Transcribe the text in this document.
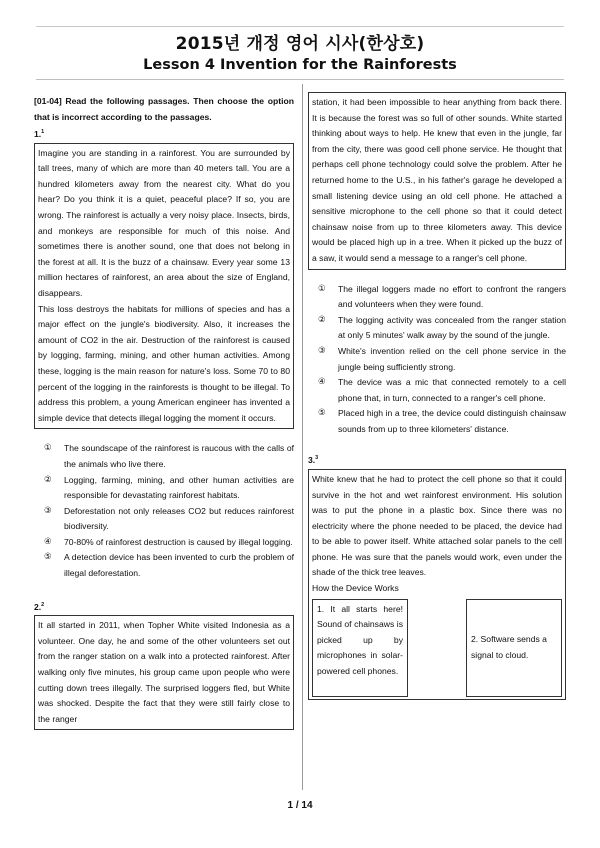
2015년 개정 영어 시사(한상호)
Lesson 4 Invention for the Rainforests
[01-04] Read the following passages. Then choose the option that is incorrect according to the passages.
1.$^1$

Imagine you are standing in a rainforest. You are surrounded by tall trees, many of which are more than 40 meters tall. You are a hundred kilometers away from the nearest city. What do you hear? Do you think it is a quiet, peaceful place? If so, you are wrong. The rainforest is actually a very noisy place. Insects, birds, and monkeys are responsible for much of this noise. And sometimes there is another sound, one that does not belong in the forest at all. It is the buzz of a chainsaw. Every year some 13 million hectares of rainforest, an area about the size of England, disappears.

This loss destroys the habitats for millions of species and has a major effect on the jungle's biodiversity. Also, it increases the amount of CO2 in the air. Destruction of the rainforest is caused by logging, farming, mining, and other human activities. Among these, logging is the main reason for nature's loss. Some 70 to 80 percent of the logging in the rainforests is thought to be illegal. To address this problem, a young American engineer has invented a simple device that detects illegal logging the moment it occurs.

①	The soundscape of the rainforest is raucous with the calls of the animals who live there.
②	Logging, farming, mining, and other human activities are responsible for devastating rainforest habitats.
③	Deforestation not only releases CO2 but reduces rainforest biodiversity.
④	70-80% of rainforest destruction is caused by illegal logging.
⑤	A detection device has been invented to curb the problem of illegal deforestation.
2.$^2$

It all started in 2011, when Topher White visited Indonesia as a volunteer. One day, he and some of the other volunteers set out from the ranger station on a walk into a protected rainforest. After walking only five minutes, his group came upon people who were cutting down trees illegally. The surprised loggers fled, but White was shocked. Despite the fact that they were still fairly close to the ranger

station, it had been impossible to hear anything from back there. It is because the forest was so full of other sounds. White started thinking about ways to help. He knew that even in the jungle, far from the city, there was good cell phone service. He thought that perhaps cell phone technology could solve the problem. After he returned home to the U.S., in his father's garage he developed a small listening device using an old cell phone. He attached a sensitive microphone to the cell phone so that it could detect chainsaw noise from up to three kilometers away. This device would be placed high up in a tree. When it picked up the buzz of a saw, it would send a message to a ranger's cell phone.

①	The illegal loggers made no effort to confront the rangers and volunteers when they were found.
②	The logging activity was concealed from the ranger station at only 5 minutes' walk away by the sound of the jungle.
③	White's invention relied on the cell phone service in the jungle being sufficiently strong.
④	The device was a mic that connected remotely to a cell phone that, in turn, connected to a ranger's cell phone.
⑤	Placed high in a tree, the device could distinguish chainsaw sounds from up to three kilometers' distance.
3.$^3$

White knew that he had to protect the cell phone so that it could survive in the hot and wet rainforest environment. His solution was to put the phone in a plastic box. Since there was no electricity where the phone needed to be placed, the device had to be able to power itself. White attached solar panels to the cell phone. He was sure that the panels would work, even under the shade of the thick tree leaves.

How the Device Works

1. It all starts here! Sound of chainsaws is picked up by microphones in solar-powered cell phones.
2. Software sends a signal to cloud.
1 / 14
